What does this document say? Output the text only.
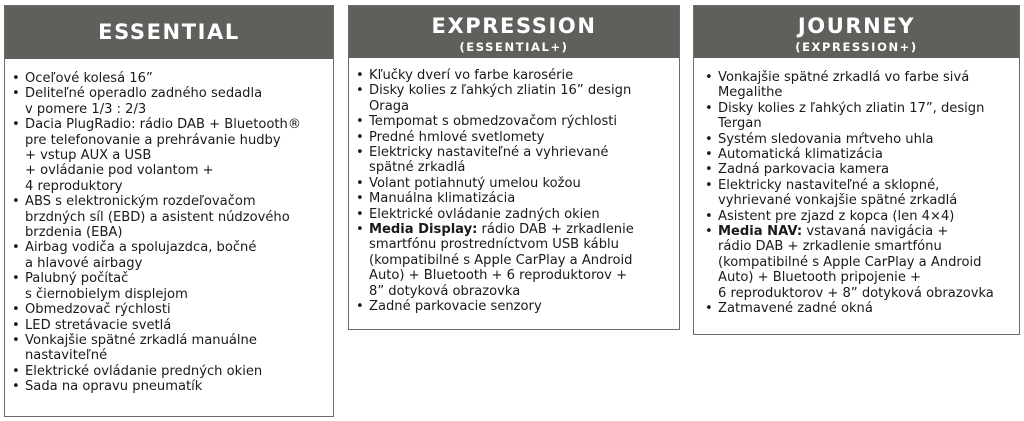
ESSENTIAL
• Oceľové kolesá 16”
• Deliteľné operadlo zadného sedadla
v pomere 1/3 : 2/3
• Dacia PlugRadio: rádio DAB + Bluetooth®
pre telefonovanie a prehrávanie hudby
+ vstup AUX a USB
+ ovládanie pod volantom +
4 reproduktory
• ABS s elektronickým rozdeľovačom
brzdných síl (EBD) a asistent núdzového
brzdenia (EBA)
• Airbag vodiča a spolujazdca, bočné
a hlavové airbagy
• Palubný počítač
s čiernobielym displejom
• Obmedzovač rýchlosti
• LED stretávacie svetlá
• Vonkajšie spätné zrkadlá manuálne
nastaviteľné
• Elektrické ovládanie predných okien
• Sada na opravu pneumatík
EXPRESSION
(ESSENTIAL+)
• Kľučky dverí vo farbe karosérie
• Disky kolies z ľahkých zliatin 16” design
Oraga
• Tempomat s obmedzovačom rýchlosti
• Predné hmlové svetlomety
• Elektricky nastaviteľné a vyhrievané
spätné zrkadlá
• Volant potiahnutý umelou kožou
• Manuálna klimatizácia
• Elektrické ovládanie zadných okien
• Media Display: rádio DAB + zrkadlenie
smartfónu prostredníctvom USB káblu
(kompatibilné s Apple CarPlay a Android
Auto) + Bluetooth + 6 reproduktorov +
8” dotyková obrazovka
• Zadné parkovacie senzory
JOURNEY
(EXPRESSION+)
• Vonkajšie spätné zrkadlá vo farbe sivá
Megalithe
• Disky kolies z ľahkých zliatin 17”, design
Tergan
• Systém sledovania mŕtveho uhla
• Automatická klimatizácia
• Zadná parkovacia kamera
• Elektricky nastaviteľné a sklopné,
vyhrievané vonkajšie spätné zrkadlá
• Asistent pre zjazd z kopca (len 4×4)
• Media NAV: vstavaná navigácia +
rádio DAB + zrkadlenie smartfónu
(kompatibilné s Apple CarPlay a Android
Auto) + Bluetooth pripojenie +
6 reproduktorov + 8” dotyková obrazovka
• Zatmavené zadné okná
